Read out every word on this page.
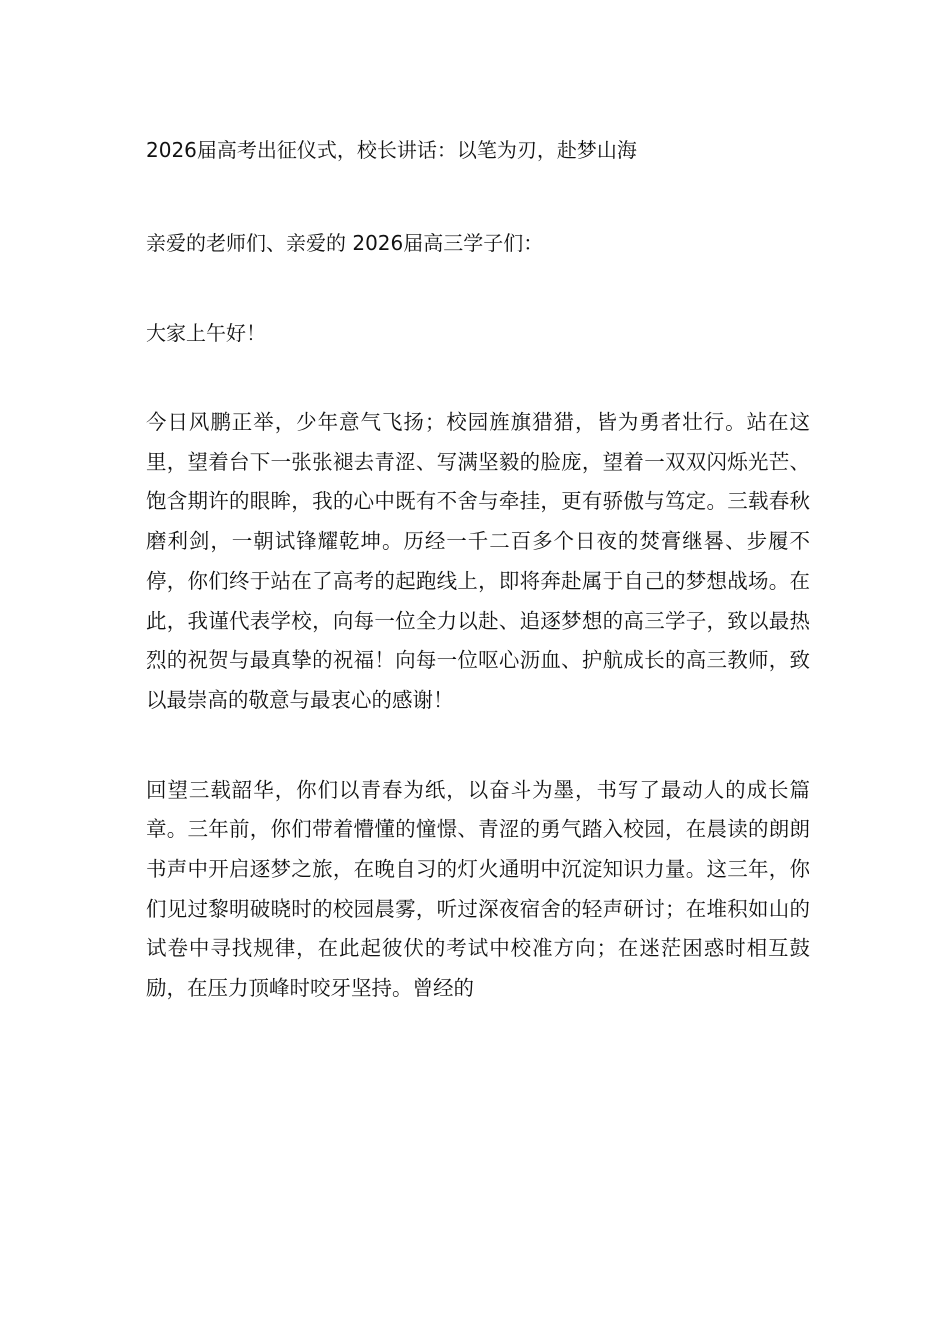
2026届高考出征仪式，校长讲话：以笔为刃，赴梦山海

亲爱的老师们、亲爱的 2026届高三学子们：

大家上午好！

今日风鹏正举，少年意气飞扬；校园旌旗猎猎，皆为勇者壮行。站在这里，望着台下一张张褪去青涩、写满坚毅的脸庞，望着一双双闪烁光芒、饱含期许的眼眸，我的心中既有不舍与牵挂，更有骄傲与笃定。三载春秋磨利剑，一朝试锋耀乾坤。历经一千二百多个日夜的焚膏继晷、步履不停，你们终于站在了高考的起跑线上，即将奔赴属于自己的梦想战场。在此，我谨代表学校，向每一位全力以赴、追逐梦想的高三学子，致以最热烈的祝贺与最真挚的祝福！向每一位呕心沥血、护航成长的高三教师，致以最崇高的敬意与最衷心的感谢！

回望三载韶华，你们以青春为纸，以奋斗为墨，书写了最动人的成长篇章。三年前，你们带着懵懂的憧憬、青涩的勇气踏入校园，在晨读的朗朗书声中开启逐梦之旅，在晚自习的灯火通明中沉淀知识力量。这三年，你们见过黎明破晓时的校园晨雾，听过深夜宿舍的轻声研讨；在堆积如山的试卷中寻找规律，在此起彼伏的考试中校准方向；在迷茫困惑时相互鼓励，在压力顶峰时咬牙坚持。曾经的
